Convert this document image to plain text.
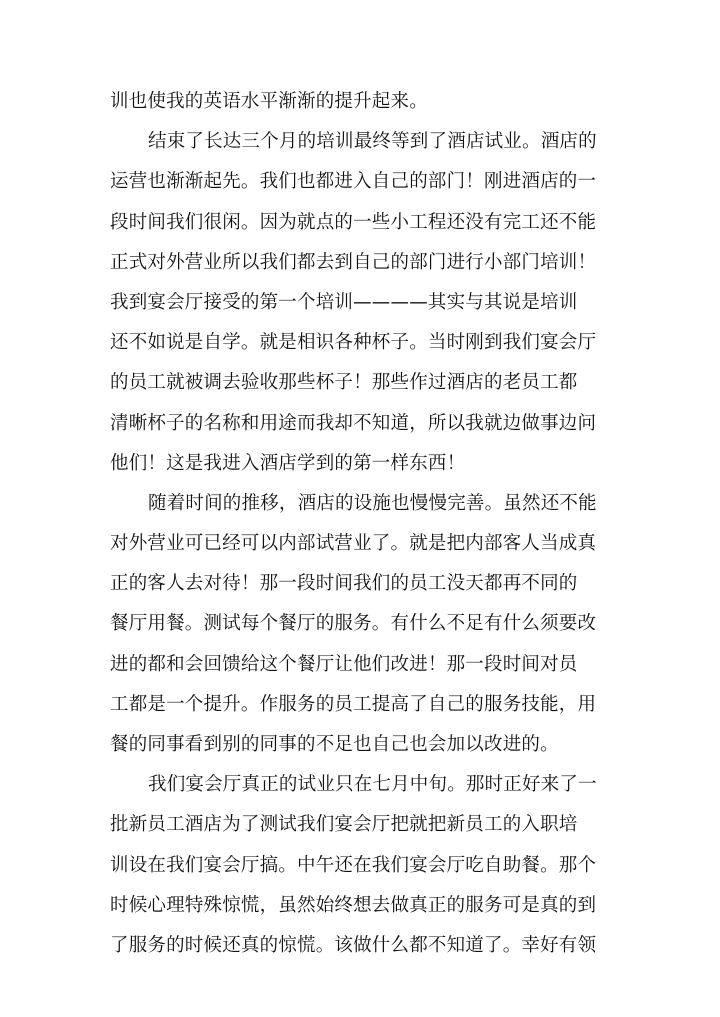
训也使我的英语水平渐渐的提升起来。
结束了长达三个月的培训最终等到了酒店试业。酒店的
运营也渐渐起先。我们也都进入自己的部门！刚进酒店的一
段时间我们很闲。因为就点的一些小工程还没有完工还不能
正式对外营业所以我们都去到自己的部门进行小部门培训！
我到宴会厅接受的第一个培训————其实与其说是培训
还不如说是自学。就是相识各种杯子。当时刚到我们宴会厅
的员工就被调去验收那些杯子！那些作过酒店的老员工都
清晰杯子的名称和用途而我却不知道，所以我就边做事边问
他们！这是我进入酒店学到的第一样东西！
随着时间的推移，酒店的设施也慢慢完善。虽然还不能
对外营业可已经可以内部试营业了。就是把内部客人当成真
正的客人去对待！那一段时间我们的员工没天都再不同的
餐厅用餐。测试每个餐厅的服务。有什么不足有什么须要改
进的都和会回馈给这个餐厅让他们改进！那一段时间对员
工都是一个提升。作服务的员工提高了自己的服务技能，用
餐的同事看到别的同事的不足也自己也会加以改进的。
我们宴会厅真正的试业只在七月中旬。那时正好来了一
批新员工酒店为了测试我们宴会厅把就把新员工的入职培
训设在我们宴会厅搞。中午还在我们宴会厅吃自助餐。那个
时候心理特殊惊慌，虽然始终想去做真正的服务可是真的到
了服务的时候还真的惊慌。该做什么都不知道了。幸好有领
